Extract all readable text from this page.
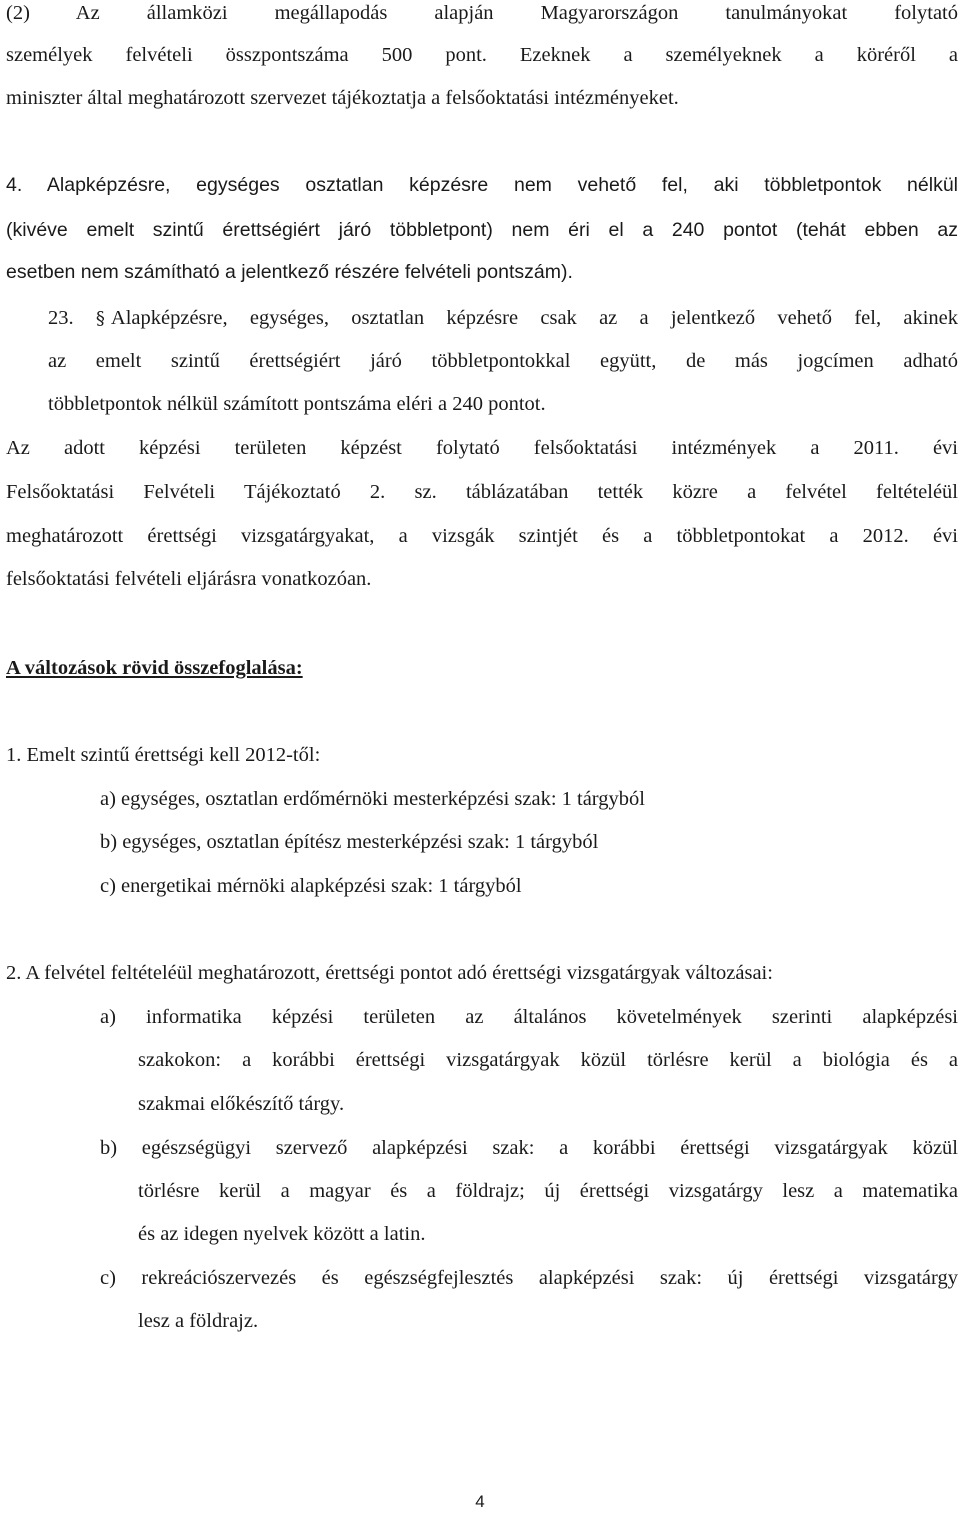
(2) Az államközi megállapodás alapján Magyarországon tanulmányokat folytató
személyek felvételi összpontszáma 500 pont. Ezeknek a személyeknek a köréről a
miniszter által meghatározott szervezet tájékoztatja a felsőoktatási intézményeket.
4. Alapképzésre, egységes osztatlan képzésre nem vehető fel, aki többletpontok nélkül
(kivéve emelt szintű érettségiért járó többletpont) nem éri el a 240 pontot (tehát ebben az
esetben nem számítható a jelentkező részére felvételi pontszám).
23. § Alapképzésre, egységes, osztatlan képzésre csak az a jelentkező vehető fel, akinek
az emelt szintű érettségiért járó többletpontokkal együtt, de más jogcímen adható
többletpontok nélkül számított pontszáma eléri a 240 pontot.
Az adott képzési területen képzést folytató felsőoktatási intézmények a 2011. évi
Felsőoktatási Felvételi Tájékoztató 2. sz. táblázatában tették közre a felvétel feltételéül
meghatározott érettségi vizsgatárgyakat, a vizsgák szintjét és a többletpontokat a 2012. évi
felsőoktatási felvételi eljárásra vonatkozóan.
A változások rövid összefoglalása:
1. Emelt szintű érettségi kell 2012-től:
a) egységes, osztatlan erdőmérnöki mesterképzési szak: 1 tárgyból
b) egységes, osztatlan építész mesterképzési szak: 1 tárgyból
c) energetikai mérnöki alapképzési szak: 1 tárgyból
2. A felvétel feltételéül meghatározott, érettségi pontot adó érettségi vizsgatárgyak változásai:
a) informatika képzési területen az általános követelmények szerinti alapképzési
szakokon: a korábbi érettségi vizsgatárgyak közül törlésre kerül a biológia és a
szakmai előkészítő tárgy.
b) egészségügyi szervező alapképzési szak: a korábbi érettségi vizsgatárgyak közül
törlésre kerül a magyar és a földrajz; új érettségi vizsgatárgy lesz a matematika
és az idegen nyelvek között a latin.
c) rekreációszervezés és egészségfejlesztés alapképzési szak: új érettségi vizsgatárgy
lesz a földrajz.
4
